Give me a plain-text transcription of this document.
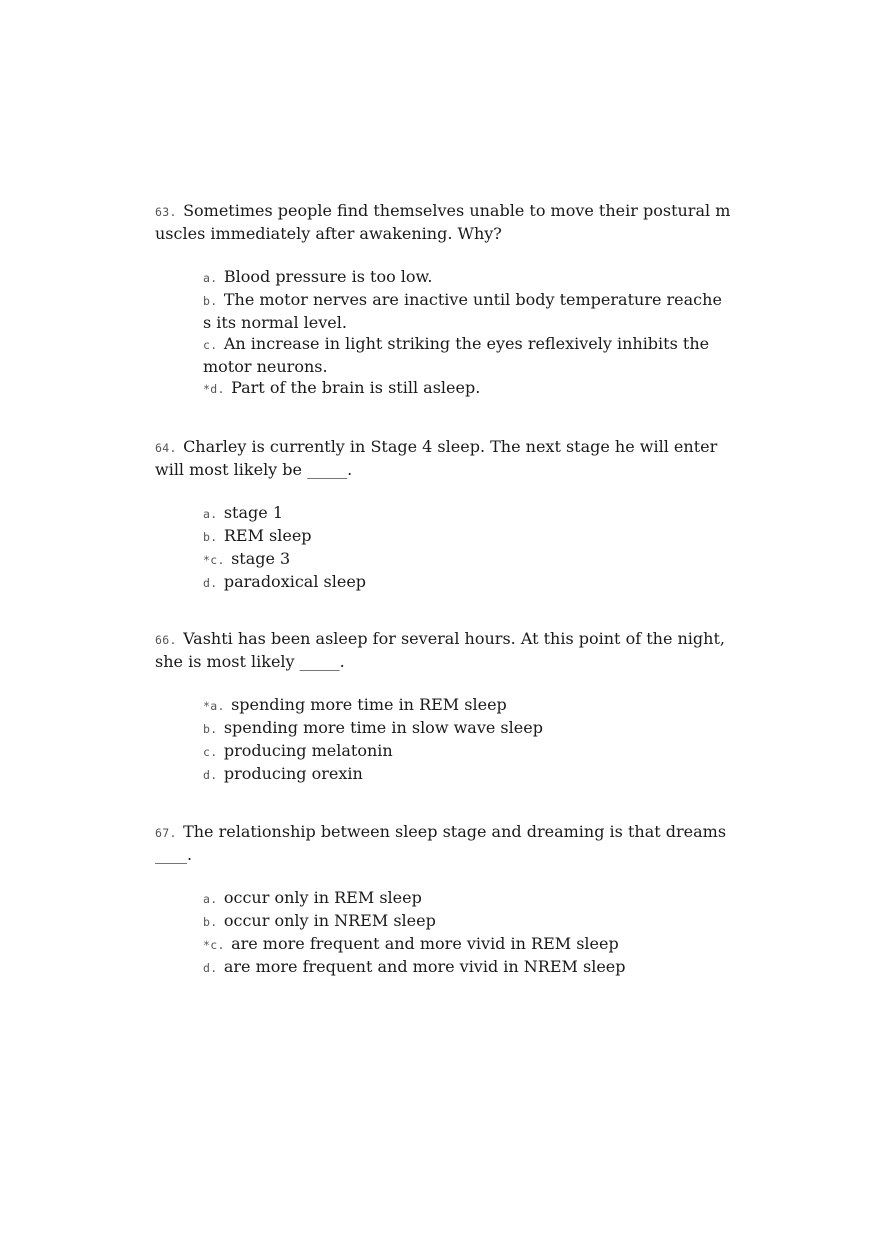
63. Sometimes people find themselves unable to move their postural muscles immediately after awakening. Why?

a. Blood pressure is too low.
b. The motor nerves are inactive until body temperature reaches its normal level.
c. An increase in light striking the eyes reflexively inhibits the motor neurons.
*d. Part of the brain is still asleep.

64. Charley is currently in Stage 4 sleep. The next stage he will enter will most likely be _____.

a. stage 1
b. REM sleep
*c. stage 3
d. paradoxical sleep

66. Vashti has been asleep for several hours. At this point of the night, she is most likely _____.

*a. spending more time in REM sleep
b. spending more time in slow wave sleep
c. producing melatonin
d. producing orexin

67. The relationship between sleep stage and dreaming is that dreams ____.

a. occur only in REM sleep
b. occur only in NREM sleep
*c. are more frequent and more vivid in REM sleep
d. are more frequent and more vivid in NREM sleep
